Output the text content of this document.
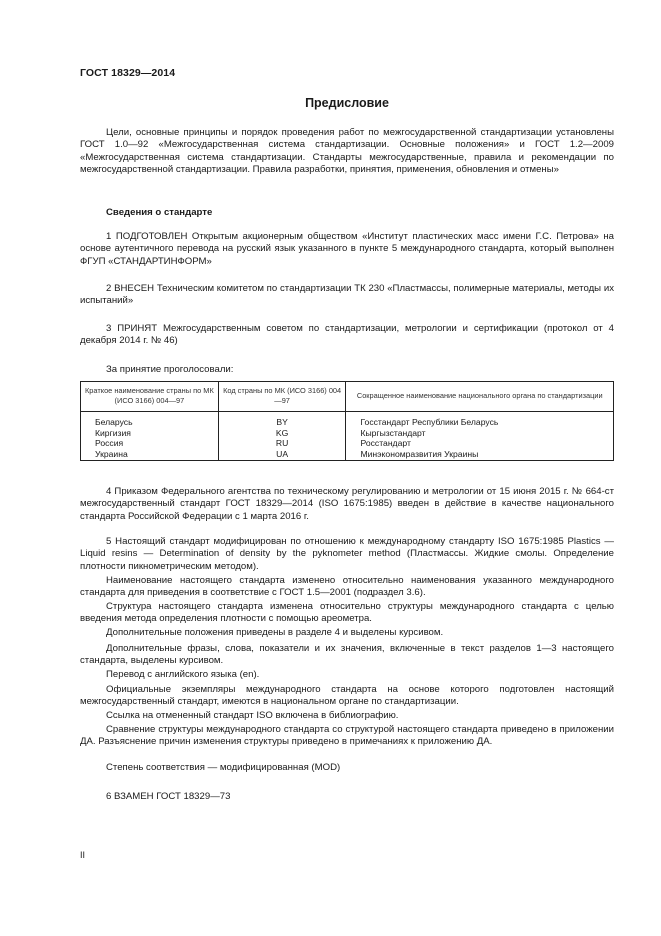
ГОСТ 18329—2014
Предисловие

Цели, основные принципы и порядок проведения работ по межгосударственной стандартизации установлены ГОСТ 1.0—92 «Межгосударственная система стандартизации. Основные положения» и ГОСТ 1.2—2009 «Межгосударственная система стандартизации. Стандарты межгосударственные, правила и рекомендации по межгосударственной стандартизации. Правила разработки, принятия, применения, обновления и отмены»

Сведения о стандарте

1 ПОДГОТОВЛЕН Открытым акционерным обществом «Институт пластических масс имени Г.С. Петрова» на основе аутентичного перевода на русский язык указанного в пункте 5 международного стандарта, который выполнен ФГУП «СТАНДАРТИНФОРМ»

2 ВНЕСЕН Техническим комитетом по стандартизации ТК 230 «Пластмассы, полимерные материалы, методы их испытаний»

3 ПРИНЯТ Межгосударственным советом по стандартизации, метрологии и сертификации (протокол от 4 декабря 2014 г. № 46)

За принятие проголосовали:

Краткое наименование страны по МК (ИСО 3166) 004—97	Код страны по МК (ИСО 3166) 004—97	Сокращенное наименование национального органа по стандартизации
Беларусь	BY	Госстандарт Республики Беларусь
Киргизия	KG	Кыргызстандарт
Россия	RU	Росстандарт
Украина	UA	Минэкономразвития Украины

4 Приказом Федерального агентства по техническому регулированию и метрологии от 15 июня 2015 г. № 664-ст межгосударственный стандарт ГОСТ 18329—2014 (ISO 1675:1985) введен в действие в качестве национального стандарта Российской Федерации с 1 марта 2016 г.

5 Настоящий стандарт модифицирован по отношению к международному стандарту ISO 1675:1985 Plastics — Liquid resins — Determination of density by the pyknometer method (Пластмассы. Жидкие смолы. Определение плотности пикнометрическим методом).

Наименование настоящего стандарта изменено относительно наименования указанного международного стандарта для приведения в соответствие с ГОСТ 1.5—2001 (подраздел 3.6).

Структура настоящего стандарта изменена относительно структуры международного стандарта с целью введения метода определения плотности с помощью ареометра.

Дополнительные положения приведены в разделе 4 и выделены курсивом.

Дополнительные фразы, слова, показатели и их значения, включенные в текст разделов 1—3 настоящего стандарта, выделены курсивом.

Перевод с английского языка (en).

Официальные экземпляры международного стандарта на основе которого подготовлен настоящий межгосударственный стандарт, имеются в национальном органе по стандартизации.

Ссылка на отмененный стандарт ISO включена в библиографию.

Сравнение структуры международного стандарта со структурой настоящего стандарта приведено в приложении ДА. Разъяснение причин изменения структуры приведено в примечаниях к приложению ДА.

Степень соответствия — модифицированная (MOD)

6 ВЗАМЕН ГОСТ 18329—73

II
